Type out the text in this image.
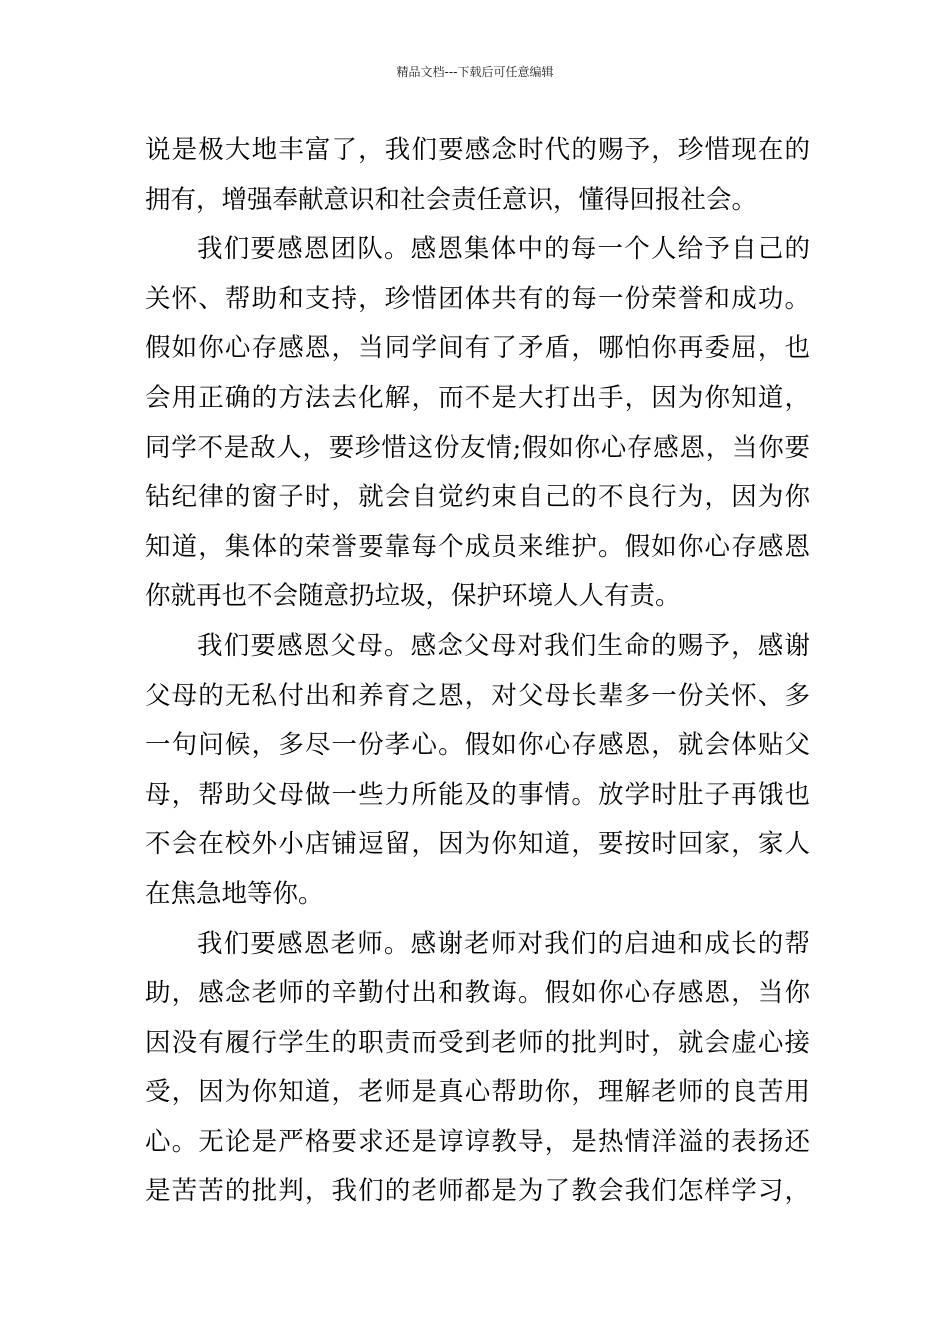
精品文档---下载后可任意编辑
说是极大地丰富了，我们要感念时代的赐予，珍惜现在的
拥有，增强奉献意识和社会责任意识，懂得回报社会。
我们要感恩团队。感恩集体中的每一个人给予自己的
关怀、帮助和支持，珍惜团体共有的每一份荣誉和成功。
假如你心存感恩，当同学间有了矛盾，哪怕你再委屈，也
会用正确的方法去化解，而不是大打出手，因为你知道，
同学不是敌人，要珍惜这份友情;假如你心存感恩，当你要
钻纪律的窗子时，就会自觉约束自己的不良行为，因为你
知道，集体的荣誉要靠每个成员来维护。假如你心存感恩
你就再也不会随意扔垃圾，保护环境人人有责。
我们要感恩父母。感念父母对我们生命的赐予，感谢
父母的无私付出和养育之恩，对父母长辈多一份关怀、多
一句问候，多尽一份孝心。假如你心存感恩，就会体贴父
母，帮助父母做一些力所能及的事情。放学时肚子再饿也
不会在校外小店铺逗留，因为你知道，要按时回家，家人
在焦急地等你。
我们要感恩老师。感谢老师对我们的启迪和成长的帮
助，感念老师的辛勤付出和教诲。假如你心存感恩，当你
因没有履行学生的职责而受到老师的批判时，就会虚心接
受，因为你知道，老师是真心帮助你，理解老师的良苦用
心。无论是严格要求还是谆谆教导，是热情洋溢的表扬还
是苦苦的批判，我们的老师都是为了教会我们怎样学习，
